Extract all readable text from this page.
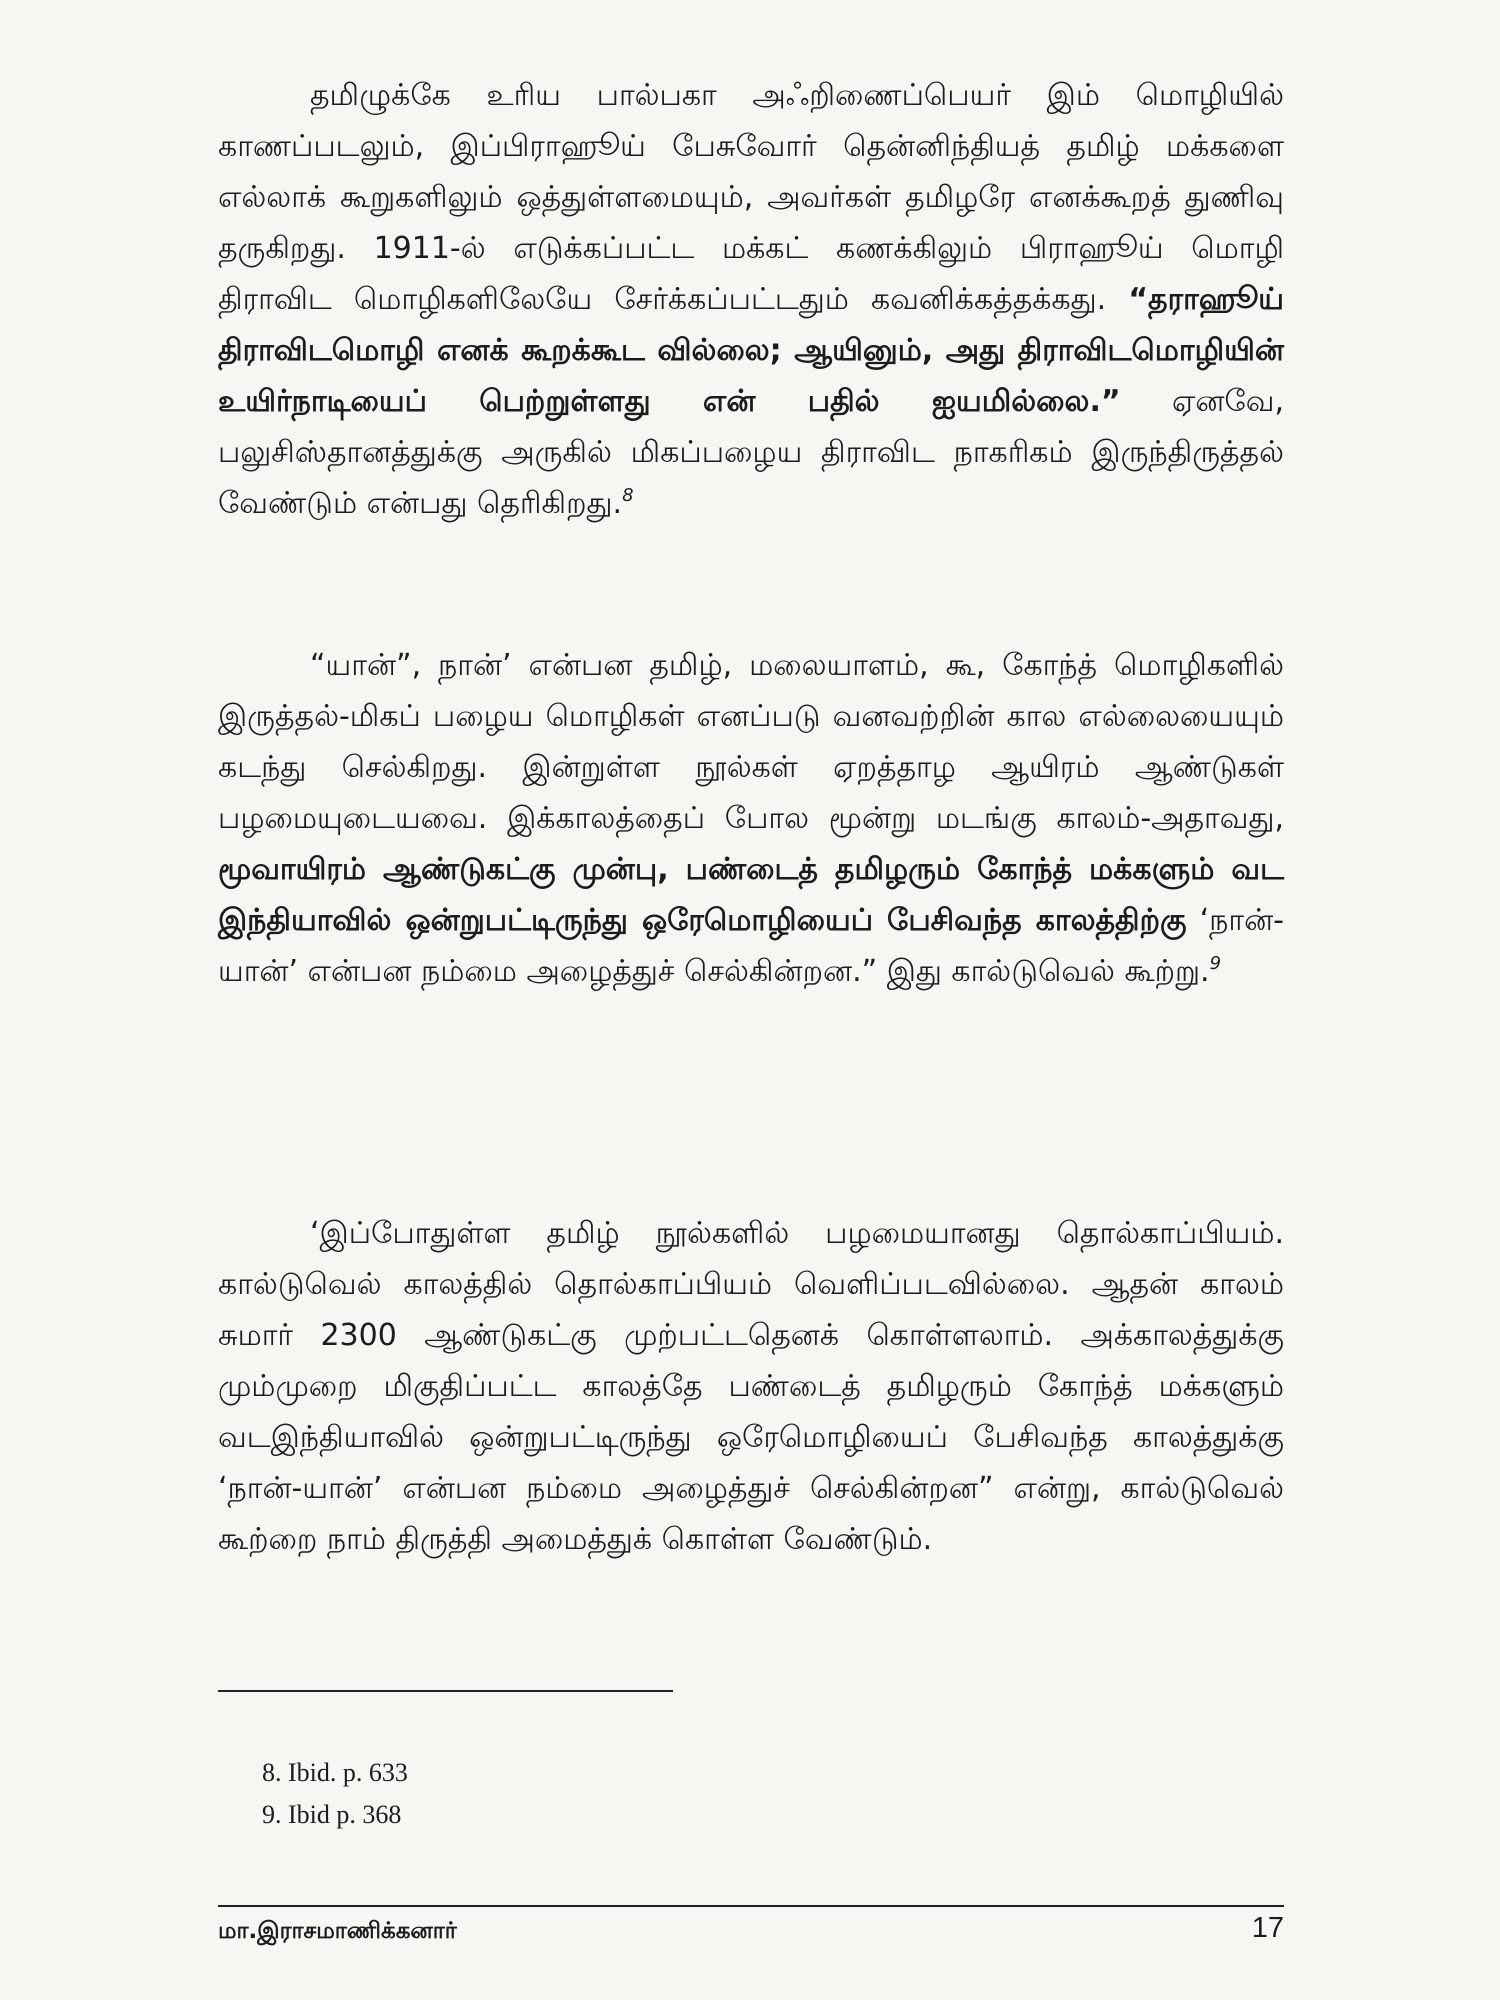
தமிழுக்கே உரிய பால்பகா அஃறிணைப்பெயர் இம் மொழியில் காணப்படலும், இப்பிராஹூய் பேசுவோர் தென்னிந்தியத் தமிழ் மக்களை எல்லாக் கூறுகளிலும் ஒத்துள்ளமையும், அவர்கள் தமிழரே எனக்கூறத் துணிவு தருகிறது. 1911-ல் எடுக்கப்பட்ட மக்கட் கணக்கிலும் பிராஹூய் மொழி திராவிட மொழிகளிலேயே சேர்க்கப்பட்டதும் கவனிக்கத்தக்கது. “தராஹூய் திராவிடமொழி எனக் கூறக்கூட வில்லை; ஆயினும், அது திராவிடமொழியின் உயிர்நாடியைப் பெற்றுள்ளது என் பதில் ஐயமில்லை.” ஏனவே, பலுசிஸ்தானத்துக்கு அருகில் மிகப்பழைய திராவிட நாகரிகம் இருந்திருத்தல் வேண்டும் என்பது தெரிகிறது.$^8$

“யான்”, நான்’ என்பன தமிழ், மலையாளம், கூ, கோந்த் மொழிகளில் இருத்தல்-மிகப் பழைய மொழிகள் எனப்படு வனவற்றின் கால எல்லையையும் கடந்து செல்கிறது. இன்றுள்ள நூல்கள் ஏறத்தாழ ஆயிரம் ஆண்டுகள் பழமையுடையவை. இக்காலத்தைப் போல மூன்று மடங்கு காலம்-அதாவது, மூவாயிரம் ஆண்டுகட்கு முன்பு, பண்டைத் தமிழரும் கோந்த் மக்களும் வட இந்தியாவில் ஒன்றுபட்டிருந்து ஒரேமொழியைப் பேசிவந்த காலத்திற்கு ‘நான்-யான்’ என்பன நம்மை அழைத்துச் செல்கின்றன.” இது கால்டுவெல் கூற்று.$^9$

‘இப்போதுள்ள தமிழ் நூல்களில் பழமையானது தொல்காப்பியம். கால்டுவெல் காலத்தில் தொல்காப்பியம் வெளிப்படவில்லை. ஆதன் காலம் சுமார் 2300 ஆண்டுகட்கு முற்பட்டதெனக் கொள்ளலாம். அக்காலத்துக்கு மும்முறை மிகுதிப்பட்ட காலத்தே பண்டைத் தமிழரும் கோந்த் மக்களும் வடஇந்தியாவில் ஒன்றுபட்டிருந்து ஒரேமொழியைப் பேசிவந்த காலத்துக்கு ‘நான்-யான்’ என்பன நம்மை அழைத்துச் செல்கின்றன” என்று, கால்டுவெல் கூற்றை நாம் திருத்தி அமைத்துக் கொள்ள வேண்டும்.

8. Ibid. p. 633
9. Ibid p. 368
மா.இராசமாணிக்கனார்	17
